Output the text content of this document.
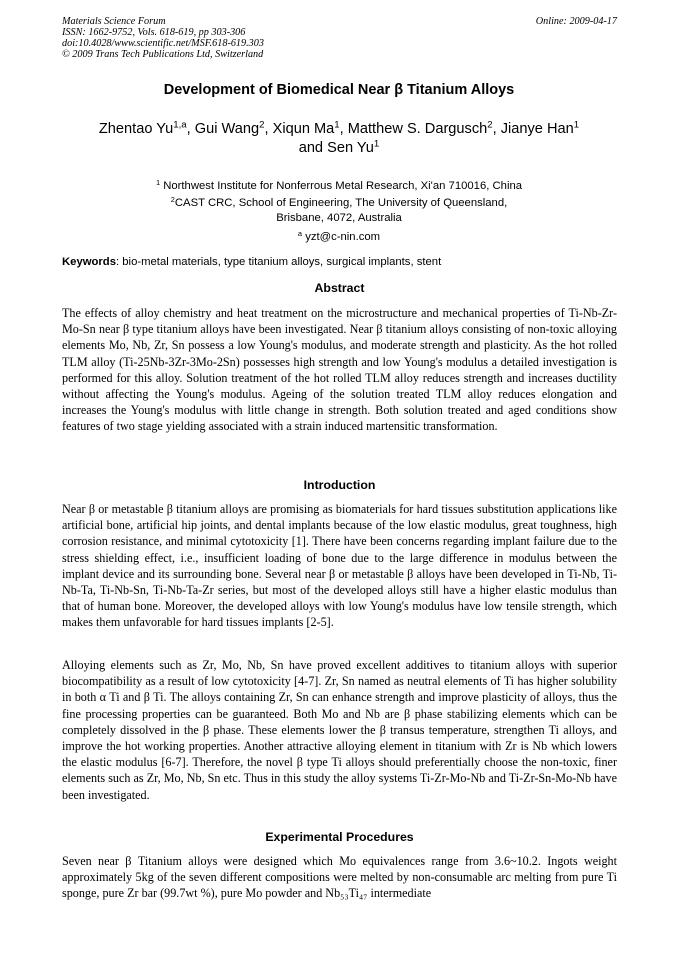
Materials Science Forum
ISSN: 1662-9752, Vols. 618-619, pp 303-306
doi:10.4028/www.scientific.net/MSF.618-619.303
© 2009 Trans Tech Publications Ltd, Switzerland
Online: 2009-04-17
Development of Biomedical Near β Titanium Alloys
Zhentao Yu$^{1,a}$, Gui Wang$^2$, Xiqun Ma$^1$, Matthew S. Dargusch$^2$, Jianye Han$^1$
and Sen Yu$^1$
$^1$ Northwest Institute for Nonferrous Metal Research, Xi'an 710016, China
$^2$CAST CRC, School of Engineering, The University of Queensland,
Brisbane, 4072, Australia
$^a$ yzt@c-nin.com
Keywords: bio-metal materials, type titanium alloys, surgical implants, stent
Abstract
The effects of alloy chemistry and heat treatment on the microstructure and mechanical properties of Ti-Nb-Zr-Mo-Sn near β type titanium alloys have been investigated. Near β titanium alloys consisting of non-toxic alloying elements Mo, Nb, Zr, Sn possess a low Young's modulus, and moderate strength and plasticity. As the hot rolled TLM alloy (Ti-25Nb-3Zr-3Mo-2Sn) possesses high strength and low Young's modulus a detailed investigation is performed for this alloy. Solution treatment of the hot rolled TLM alloy reduces strength and increases ductility without affecting the Young's modulus. Ageing of the solution treated TLM alloy reduces elongation and increases the Young's modulus with little change in strength. Both solution treated and aged conditions show features of two stage yielding associated with a strain induced martensitic transformation.
Introduction
Near β or metastable β titanium alloys are promising as biomaterials for hard tissues substitution applications like artificial bone, artificial hip joints, and dental implants because of the low elastic modulus, great toughness, high corrosion resistance, and minimal cytotoxicity [1]. There have been concerns regarding implant failure due to the stress shielding effect, i.e., insufficient loading of bone due to the large difference in modulus between the implant device and its surrounding bone. Several near β or metastable β alloys have been developed in Ti-Nb, Ti-Nb-Ta, Ti-Nb-Sn, Ti-Nb-Ta-Zr series, but most of the developed alloys still have a higher elastic modulus than that of human bone. Moreover, the developed alloys with low Young's modulus have low tensile strength, which makes them unfavorable for hard tissues implants [2-5].
Alloying elements such as Zr, Mo, Nb, Sn have proved excellent additives to titanium alloys with superior biocompatibility as a result of low cytotoxicity [4-7]. Zr, Sn named as neutral elements of Ti has higher solubility in both α Ti and β Ti. The alloys containing Zr, Sn can enhance strength and improve plasticity of alloys, thus the fine processing properties can be guaranteed. Both Mo and Nb are β phase stabilizing elements which can be completely dissolved in the β phase. These elements lower the β transus temperature, strengthen Ti alloys, and improve the hot working properties. Another attractive alloying element in titanium with Zr is Nb which lowers the elastic modulus [6-7]. Therefore, the novel β type Ti alloys should preferentially choose the non-toxic, finer elements such as Zr, Mo, Nb, Sn etc. Thus in this study the alloy systems Ti-Zr-Mo-Nb and Ti-Zr-Sn-Mo-Nb have been investigated.
Experimental Procedures
Seven near β Titanium alloys were designed which Mo equivalences range from 3.6~10.2. Ingots weight approximately 5kg of the seven different compositions were melted by non-consumable arc melting from pure Ti sponge, pure Zr bar (99.7wt %), pure Mo powder and Nb₅₃Ti₄₇ intermediate
